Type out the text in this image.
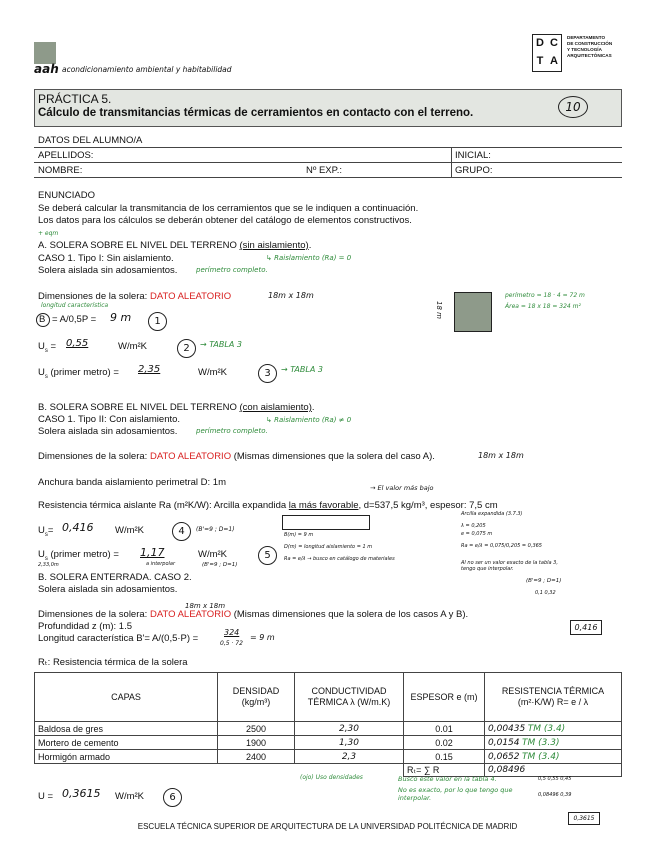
aah acondicionamiento ambiental y habitabilidad
D C
T A
DEPARTAMENTO
DE CONSTRUCCIÓN
Y TECNOLOGÍA
ARQUITECTÓNICAS
PRÁCTICA 5.
Cálculo de transmitancias térmicas de cerramientos en contacto con el terreno.	10
DATOS DEL ALUMNO/A
APELLIDOS:	INICIAL:
NOMBRE:	Nº EXP.:	GRUPO:
ENUNCIADO
Se deberá calcular la transmitancia de los cerramientos que se le indiquen a continuación.
Los datos para los cálculos se deberán obtener del catálogo de elementos constructivos.
+ eqm
A. SOLERA SOBRE EL NIVEL DEL TERRENO (sin aislamiento).
CASO 1. Tipo I: Sin aislamiento.	↳ Raislamiento (Ra) = 0
Solera aislada sin adosamientos.	perímetro completo.
Dimensiones de la solera: DATO ALEATORIO	18m x 18m
longitud característica	18 m
perímetro = 18 · 4 = 72 m
Área = 18 x 18 = 324 m²
B = A/0,5P = 9 m	1
$U_s = 0,55$	W/m²K	2	→ TABLA 3
$U_s$ (primer metro) = 2,35	W/m²K	3	→ TABLA 3
B. SOLERA SOBRE EL NIVEL DEL TERRENO (con aislamiento).
CASO 1. Tipo II: Con aislamiento.	↳ Raislamiento (Ra) ≠ 0
Solera aislada sin adosamientos.	perímetro completo.
Dimensiones de la solera: DATO ALEATORIO (Mismas dimensiones que la solera del caso A).	18m x 18m
Anchura banda aislamiento perimetral D: 1m	→ El valor más bajo
Resistencia térmica aislante Ra (m²K/W): Arcilla expandida la más favorable, d=537,5 kg/m³, espesor: 7,5 cm
$U_s= 0,416$ W/m²K	4	(B'=9 ; D=1)
B(m) = 9 m
D(m) = longitud aislamiento = 1 m
Ra = e/λ → busco en catálogo de materiales
Arcilla expandida (3.7.3)
λ = 0,205
e = 0,075 m
Ra = e/λ = 0,075/0,205 = 0,365
Al no ser un valor exacto de la tabla 3, tengo que interpolar.
(B'=9 ; D=1)
$U_s$ (primer metro) = 1,17
a interpolar
2,33,0m
W/m²K
(B'=9 ; D=1)
5
B. SOLERA ENTERRADA. CASO 2.
Solera aislada sin adosamientos.
18m x 18m
Dimensiones de la solera: DATO ALEATORIO (Mismas dimensiones que la solera de los casos A y B).
Profundidad z (m): 1.5
Longitud característica B'= A/(0,5·P) =
324
0,5 · 72
= 9 m
0,1 0,32
0,416
Rₜ: Resistencia térmica de la solera
CAPAS	DENSIDAD (kg/m³)	CONDUCTIVIDAD TÉRMICA λ (W/m.K)	ESPESOR e (m)	RESISTENCIA TÉRMICA (m²·K/W) R= e / λ
Baldosa de gres	2500	2,30	0.01	0,00435 TM (3.4)
Mortero de cemento	1900	1,30	0.02	0,0154 TM (3.3)
Hormigón armado	2400	2,3	0.15	0,0652 TM (3.4)
			Rₜ= ∑ R	0,08496
(ojo) Uso densidades	Busco este valor en la tabla 4.
No es exacto, por lo que tengo que interpolar.
0,5 0,55 0,45
0,08496 0,39
0,3615
U = 0,3615 W/m²K	6
ESCUELA TÉCNICA SUPERIOR DE ARQUITECTURA DE LA UNIVERSIDAD POLITÉCNICA DE MADRID
